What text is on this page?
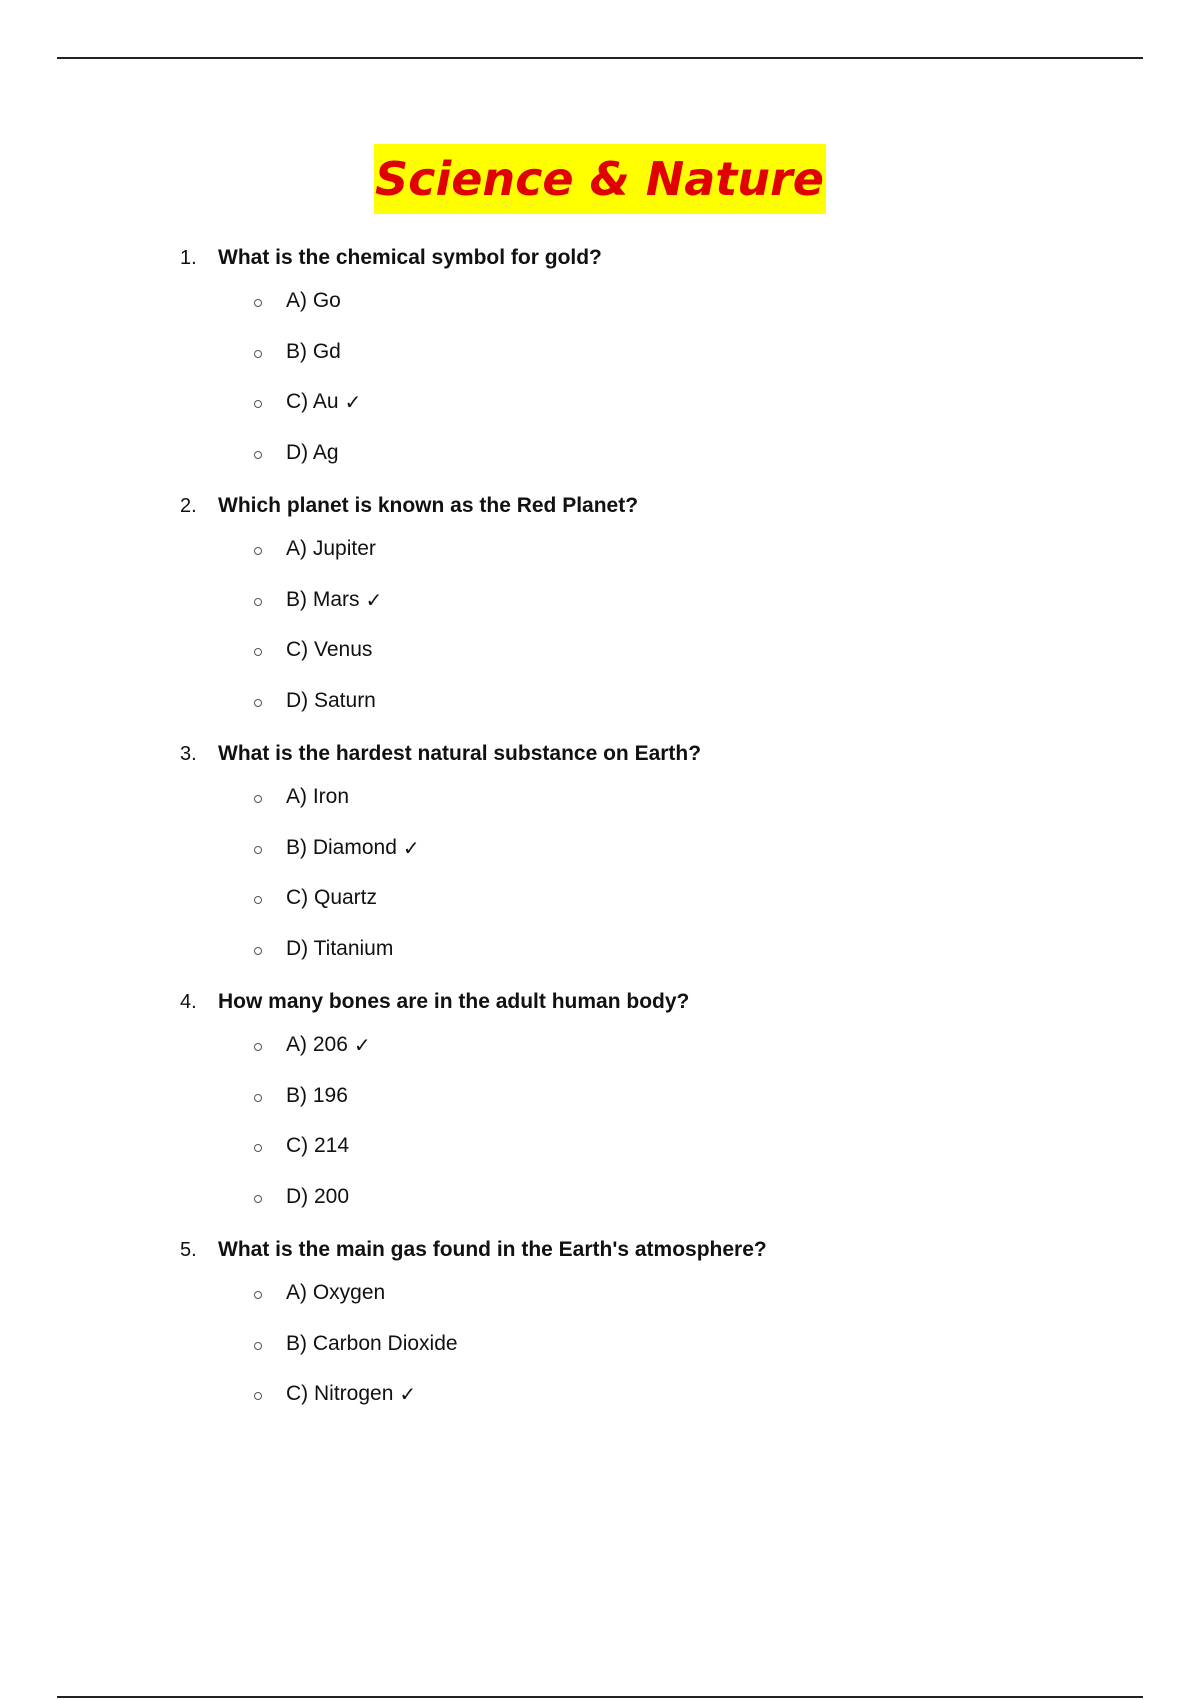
Science & Nature
1.	What is the chemical symbol for gold?
A) Go
B) Gd
C) Au ✓
D) Ag
2.	Which planet is known as the Red Planet?
A) Jupiter
B) Mars ✓
C) Venus
D) Saturn
3.	What is the hardest natural substance on Earth?
A) Iron
B) Diamond ✓
C) Quartz
D) Titanium
4.	How many bones are in the adult human body?
A) 206 ✓
B) 196
C) 214
D) 200
5.	What is the main gas found in the Earth's atmosphere?
A) Oxygen
B) Carbon Dioxide
C) Nitrogen ✓
